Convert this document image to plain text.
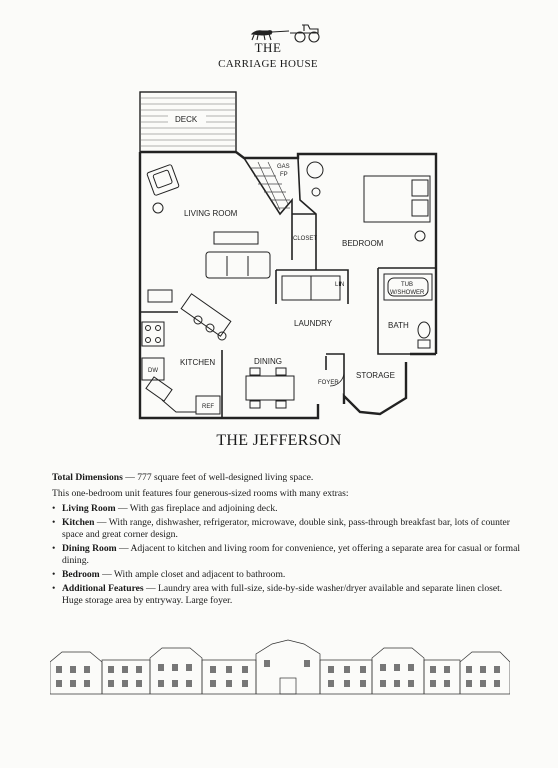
THE
CARRIAGE HOUSE
DECK
GAS
FP
LIVING ROOM
CLOSET	BEDROOM
LIN
LAUNDRY
TUB
W/SHOWER
BATH
DW
KITCHEN
REF
DINING
FOYER
STORAGE
THE JEFFERSON

Total Dimensions — 777 square feet of well-designed living space.

This one-bedroom unit features four generous-sized rooms with many extras:

• Living Room — With gas fireplace and adjoining deck.
• Kitchen — With range, dishwasher, refrigerator, microwave, double sink, pass-through breakfast bar, lots of counter space and great corner design.
• Dining Room — Adjacent to kitchen and living room for convenience, yet offering a separate area for casual or formal dining.
• Bedroom — With ample closet and adjacent to bathroom.
• Additional Features — Laundry area with full-size, side-by-side washer/dryer available and separate linen closet. Huge storage area by entryway. Large foyer.
